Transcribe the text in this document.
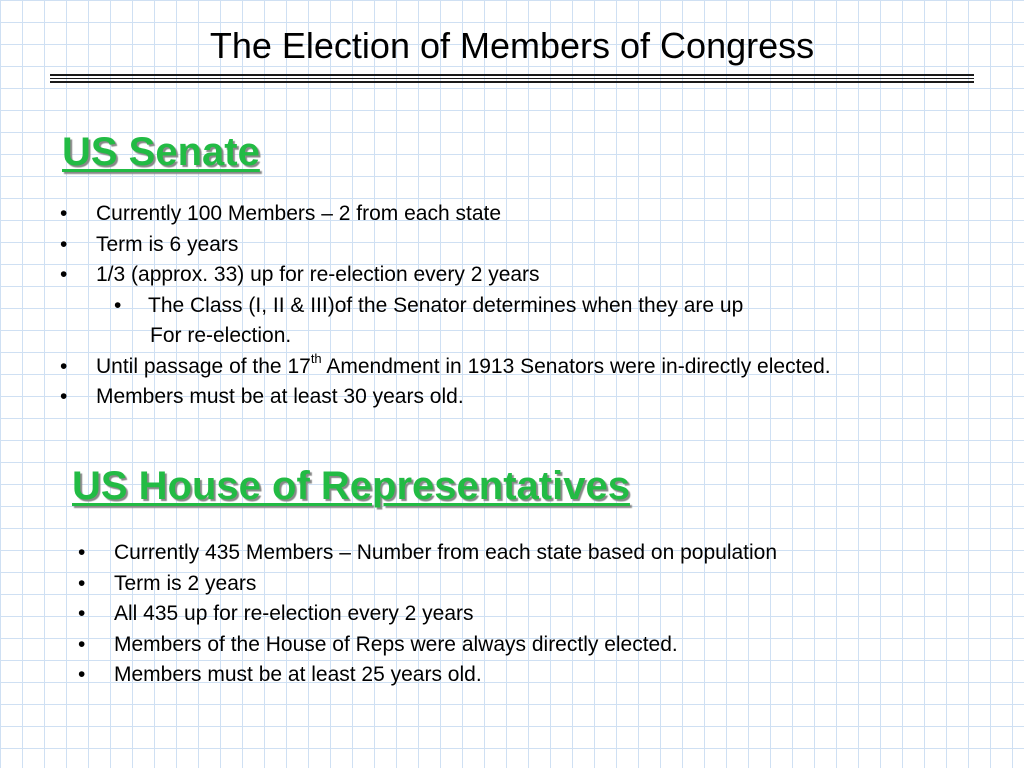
The Election of Members of Congress
US Senate
• Currently 100 Members – 2 from each state
• Term is 6 years
• 1/3 (approx. 33) up for re-election every 2 years
• The Class (I, II & III)of the Senator determines when they are up
For re-election.
• Until passage of the 17th Amendment in 1913 Senators were in-directly elected.
• Members must be at least 30 years old.
US House of Representatives
• Currently 435 Members – Number from each state based on population
• Term is 2 years
• All 435 up for re-election every 2 years
• Members of the House of Reps were always directly elected.
• Members must be at least 25 years old.
